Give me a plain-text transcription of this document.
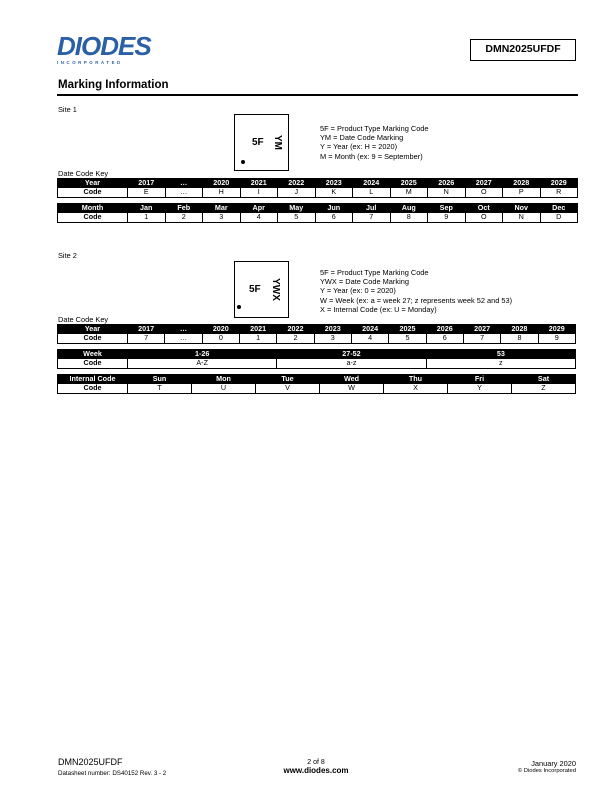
DIODES
INCORPORATED
DMN2025UFDF
Marking Information
Site 1
5F YM
5F = Product Type Marking Code
YM = Date Code Marking
Y = Year (ex: H = 2020)
M = Month (ex: 9 = September)
Date Code Key
Year	2017	…	2020	2021	2022	2023	2024	2025	2026	2027	2028	2029
Code	E	…	H	I	J	K	L	M	N	O	P	R
Month	Jan	Feb	Mar	Apr	May	Jun	Jul	Aug	Sep	Oct	Nov	Dec
Code	1	2	3	4	5	6	7	8	9	O	N	D
Site 2
5F YWX
5F = Product Type Marking Code
YWX = Date Code Marking
Y = Year (ex: 0 = 2020)
W = Week (ex: a = week 27; z represents week 52 and 53)
X = Internal Code (ex: U = Monday)
Date Code Key
Year	2017	…	2020	2021	2022	2023	2024	2025	2026	2027	2028	2029
Code	7	…	0	1	2	3	4	5	6	7	8	9
Week	1-26	27-52	53
Code	A-Z	a-z	z
Internal Code	Sun	Mon	Tue	Wed	Thu	Fri	Sat
Code	T	U	V	W	X	Y	Z
DMN2025UFDF
Datasheet number: DS40152 Rev. 3 - 2
2 of 8
www.diodes.com
January 2020
© Diodes Incorporated
